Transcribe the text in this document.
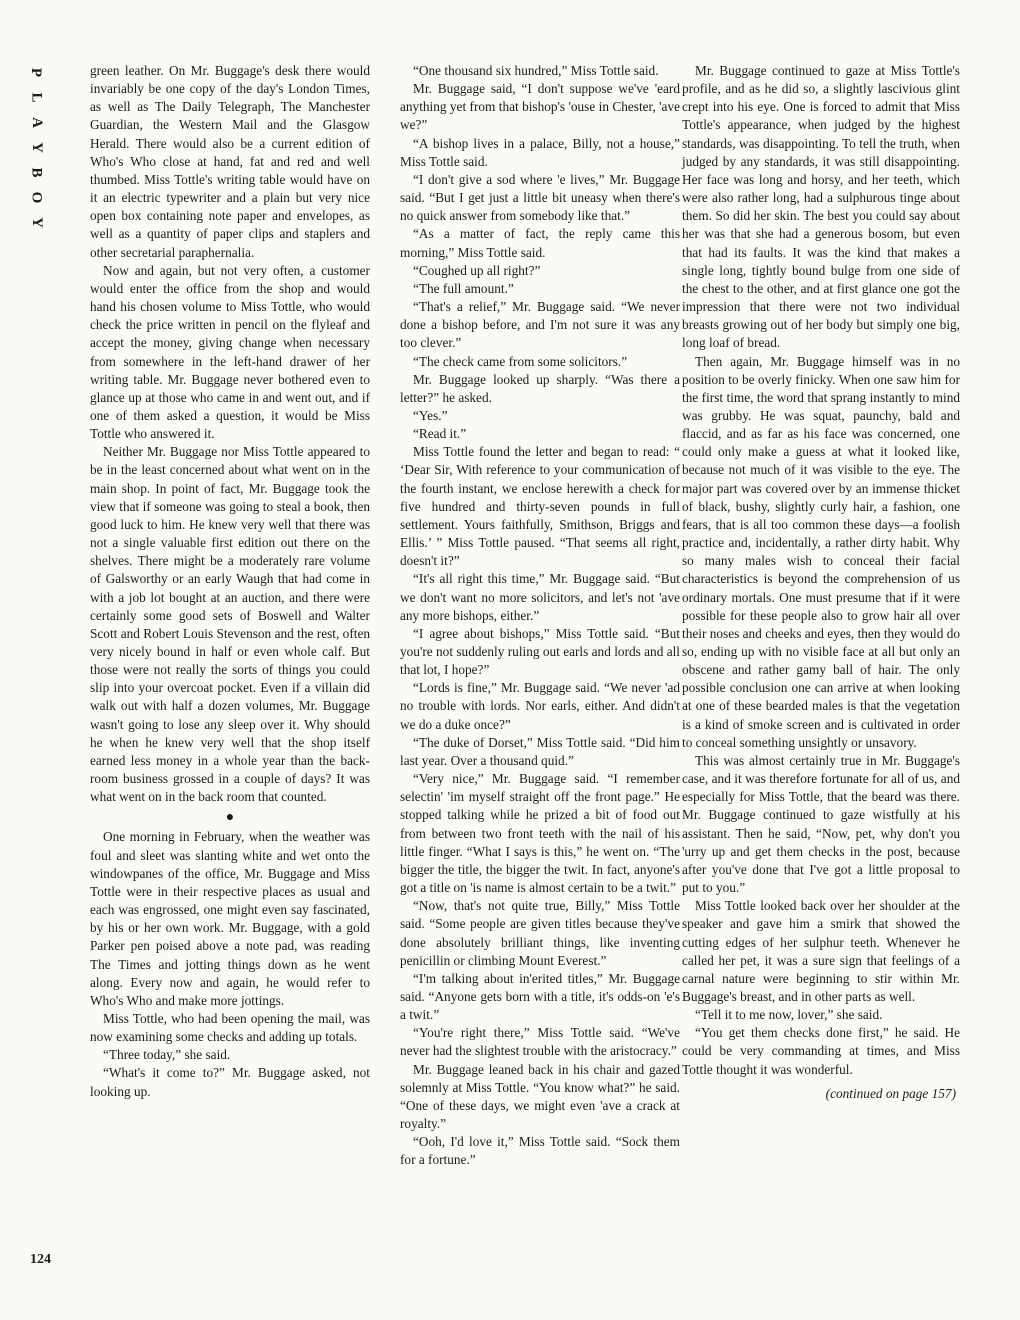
P
L
A
Y
B
O
Y

green leather. On Mr. Buggage's desk there would invariably be one copy of the day's London Times, as well as The Daily Telegraph, The Manchester Guardian, the Western Mail and the Glasgow Herald. There would also be a current edition of Who's Who close at hand, fat and red and well thumbed. Miss Tottle's writing table would have on it an electric typewriter and a plain but very nice open box containing note paper and envelopes, as well as a quantity of paper clips and staplers and other secretarial paraphernalia.

Now and again, but not very often, a customer would enter the office from the shop and would hand his chosen volume to Miss Tottle, who would check the price written in pencil on the flyleaf and accept the money, giving change when necessary from somewhere in the left-hand drawer of her writing table. Mr. Buggage never bothered even to glance up at those who came in and went out, and if one of them asked a question, it would be Miss Tottle who answered it.

Neither Mr. Buggage nor Miss Tottle appeared to be in the least concerned about what went on in the main shop. In point of fact, Mr. Buggage took the view that if someone was going to steal a book, then good luck to him. He knew very well that there was not a single valuable first edition out there on the shelves. There might be a moderately rare volume of Galsworthy or an early Waugh that had come in with a job lot bought at an auction, and there were certainly some good sets of Boswell and Walter Scott and Robert Louis Stevenson and the rest, often very nicely bound in half or even whole calf. But those were not really the sorts of things you could slip into your overcoat pocket. Even if a villain did walk out with half a dozen volumes, Mr. Buggage wasn't going to lose any sleep over it. Why should he when he knew very well that the shop itself earned less money in a whole year than the back-room business grossed in a couple of days? It was what went on in the back room that counted.

●

One morning in February, when the weather was foul and sleet was slanting white and wet onto the windowpanes of the office, Mr. Buggage and Miss Tottle were in their respective places as usual and each was engrossed, one might even say fascinated, by his or her own work. Mr. Buggage, with a gold Parker pen poised above a note pad, was reading The Times and jotting things down as he went along. Every now and again, he would refer to Who's Who and make more jottings.

Miss Tottle, who had been opening the mail, was now examining some checks and adding up totals.

“Three today,” she said.

“What's it come to?” Mr. Buggage asked, not looking up.

“One thousand six hundred,” Miss Tottle said.

Mr. Buggage said, “I don't suppose we've 'eard anything yet from that bishop's 'ouse in Chester, 'ave we?”

“A bishop lives in a palace, Billy, not a house,” Miss Tottle said.

“I don't give a sod where 'e lives,” Mr. Buggage said. “But I get just a little bit uneasy when there's no quick answer from somebody like that.”

“As a matter of fact, the reply came this morning,” Miss Tottle said.

“Coughed up all right?”

“The full amount.”

“That's a relief,” Mr. Buggage said. “We never done a bishop before, and I'm not sure it was any too clever.”

“The check came from some solicitors.”

Mr. Buggage looked up sharply. “Was there a letter?” he asked.

“Yes.”

“Read it.”

Miss Tottle found the letter and began to read: “ ‘Dear Sir, With reference to your communication of the fourth instant, we enclose herewith a check for five hundred and thirty-seven pounds in full settlement. Yours faithfully, Smithson, Briggs and Ellis.’ ” Miss Tottle paused. “That seems all right, doesn't it?”

“It's all right this time,” Mr. Buggage said. “But we don't want no more solicitors, and let's not 'ave any more bishops, either.”

“I agree about bishops,” Miss Tottle said. “But you're not suddenly ruling out earls and lords and all that lot, I hope?”

“Lords is fine,” Mr. Buggage said. “We never 'ad no trouble with lords. Nor earls, either. And didn't we do a duke once?”

“The duke of Dorset,” Miss Tottle said. “Did him last year. Over a thousand quid.”

“Very nice,” Mr. Buggage said. “I remember selectin' 'im myself straight off the front page.” He stopped talking while he prized a bit of food out from between two front teeth with the nail of his little finger. “What I says is this,” he went on. “The bigger the title, the bigger the twit. In fact, anyone's got a title on 'is name is almost certain to be a twit.”

“Now, that's not quite true, Billy,” Miss Tottle said. “Some people are given titles because they've done absolutely brilliant things, like inventing penicillin or climbing Mount Everest.”

“I'm talking about in'erited titles,” Mr. Buggage said. “Anyone gets born with a title, it's odds-on 'e's a twit.”

“You're right there,” Miss Tottle said. “We've never had the slightest trouble with the aristocracy.”

Mr. Buggage leaned back in his chair and gazed solemnly at Miss Tottle. “You know what?” he said. “One of these days, we might even 'ave a crack at royalty.”

“Ooh, I'd love it,” Miss Tottle said. “Sock them for a fortune.”

Mr. Buggage continued to gaze at Miss Tottle's profile, and as he did so, a slightly lascivious glint crept into his eye. One is forced to admit that Miss Tottle's appearance, when judged by the highest standards, was disappointing. To tell the truth, when judged by any standards, it was still disappointing. Her face was long and horsy, and her teeth, which were also rather long, had a sulphurous tinge about them. So did her skin. The best you could say about her was that she had a generous bosom, but even that had its faults. It was the kind that makes a single long, tightly bound bulge from one side of the chest to the other, and at first glance one got the impression that there were not two individual breasts growing out of her body but simply one big, long loaf of bread.

Then again, Mr. Buggage himself was in no position to be overly finicky. When one saw him for the first time, the word that sprang instantly to mind was grubby. He was squat, paunchy, bald and flaccid, and as far as his face was concerned, one could only make a guess at what it looked like, because not much of it was visible to the eye. The major part was covered over by an immense thicket of black, bushy, slightly curly hair, a fashion, one fears, that is all too common these days—a foolish practice and, incidentally, a rather dirty habit. Why so many males wish to conceal their facial characteristics is beyond the comprehension of us ordinary mortals. One must presume that if it were possible for these people also to grow hair all over their noses and cheeks and eyes, then they would do so, ending up with no visible face at all but only an obscene and rather gamy ball of hair. The only possible conclusion one can arrive at when looking at one of these bearded males is that the vegetation is a kind of smoke screen and is cultivated in order to conceal something unsightly or unsavory.

This was almost certainly true in Mr. Buggage's case, and it was therefore fortunate for all of us, and especially for Miss Tottle, that the beard was there. Mr. Buggage continued to gaze wistfully at his assistant. Then he said, “Now, pet, why don't you 'urry up and get them checks in the post, because after you've done that I've got a little proposal to put to you.”

Miss Tottle looked back over her shoulder at the speaker and gave him a smirk that showed the cutting edges of her sulphur teeth. Whenever he called her pet, it was a sure sign that feelings of a carnal nature were beginning to stir within Mr. Buggage's breast, and in other parts as well.

“Tell it to me now, lover,” she said.

“You get them checks done first,” he said. He could be very commanding at times, and Miss Tottle thought it was wonderful.

(continued on page 157)

124
